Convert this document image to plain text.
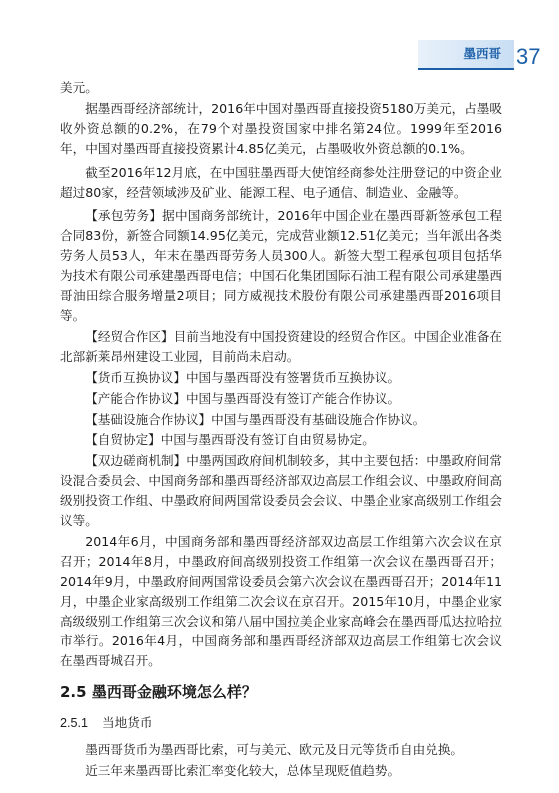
墨西哥 37

美元。

据墨西哥经济部统计，2016年中国对墨西哥直接投资5180万美元，占墨吸收外资总额的0.2%，在79个对墨投资国家中排名第24位。1999年至2016年，中国对墨西哥直接投资累计4.85亿美元，占墨吸收外资总额的0.1%。

截至2016年12月底，在中国驻墨西哥大使馆经商参处注册登记的中资企业超过80家，经营领域涉及矿业、能源工程、电子通信、制造业、金融等。

【承包劳务】据中国商务部统计，2016年中国企业在墨西哥新签承包工程合同83份，新签合同额14.95亿美元，完成营业额12.51亿美元；当年派出各类劳务人员53人，年末在墨西哥劳务人员300人。新签大型工程承包项目包括华为技术有限公司承建墨西哥电信；中国石化集团国际石油工程有限公司承建墨西哥油田综合服务增量2项目；同方威视技术股份有限公司承建墨西哥2016项目等。

【经贸合作区】目前当地没有中国投资建设的经贸合作区。中国企业准备在北部新莱昂州建设工业园，目前尚未启动。

【货币互换协议】中国与墨西哥没有签署货币互换协议。

【产能合作协议】中国与墨西哥没有签订产能合作协议。

【基础设施合作协议】中国与墨西哥没有基础设施合作协议。

【自贸协定】中国与墨西哥没有签订自由贸易协定。

【双边磋商机制】中墨两国政府间机制较多，其中主要包括：中墨政府间常设混合委员会、中国商务部和墨西哥经济部双边高层工作组会议、中墨政府间高级别投资工作组、中墨政府间两国常设委员会会议、中墨企业家高级别工作组会议等。

2014年6月，中国商务部和墨西哥经济部双边高层工作组第六次会议在京召开；2014年8月，中墨政府间高级别投资工作组第一次会议在墨西哥召开；2014年9月，中墨政府间两国常设委员会第六次会议在墨西哥召开；2014年11月，中墨企业家高级别工作组第二次会议在京召开。2015年10月，中墨企业家高级级别工作组第三次会议和第八届中国拉美企业家高峰会在墨西哥瓜达拉哈拉市举行。2016年4月，中国商务部和墨西哥经济部双边高层工作组第七次会议在墨西哥城召开。

2.5 墨西哥金融环境怎么样？
2.5.1 当地货币

墨西哥货币为墨西哥比索，可与美元、欧元及日元等货币自由兑换。

近三年来墨西哥比索汇率变化较大，总体呈现贬值趋势。
